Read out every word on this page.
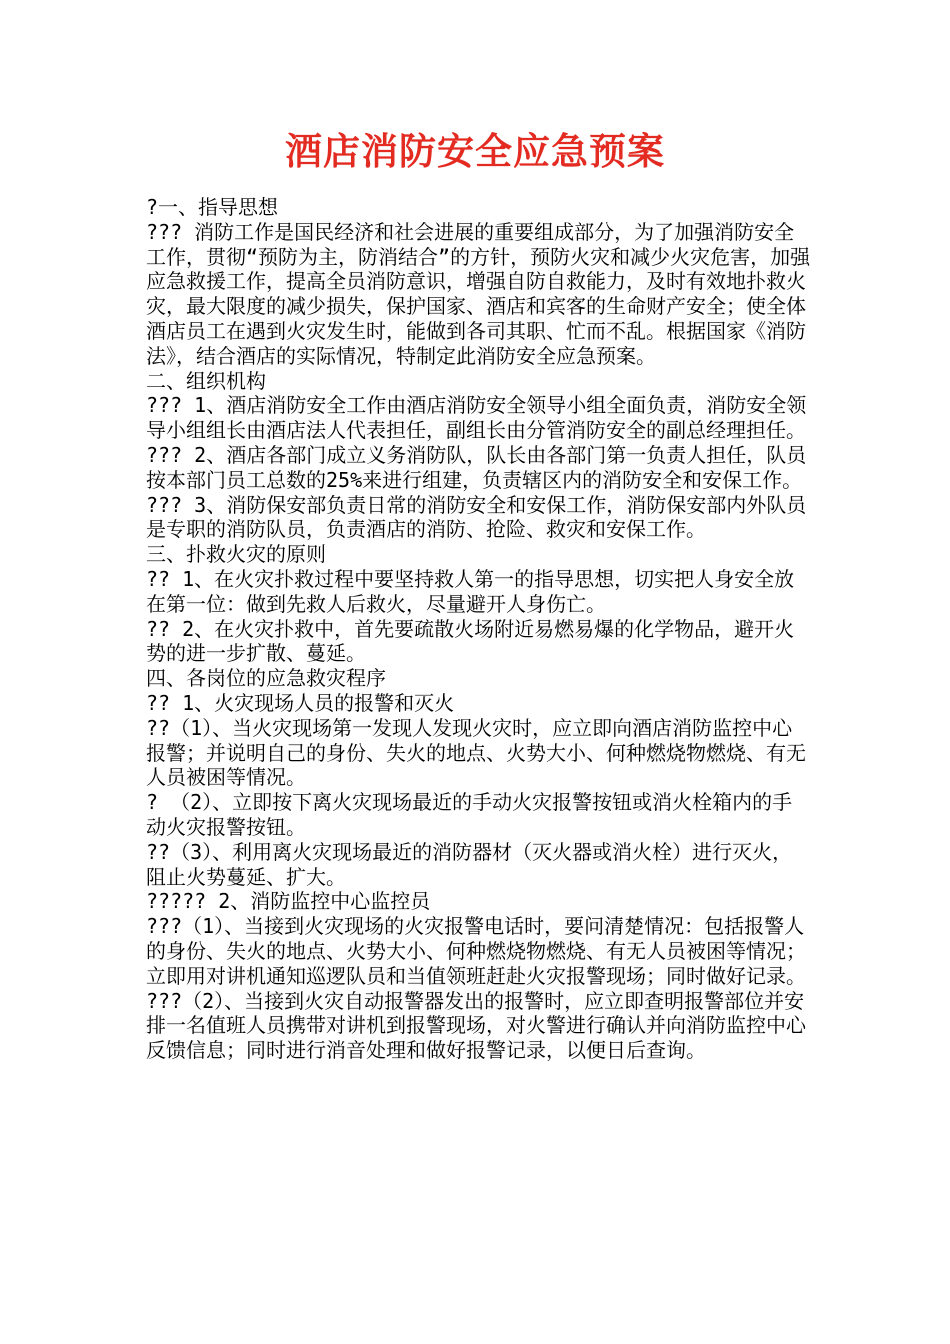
酒店消防安全应急预案

?一、指导思想

??? 消防工作是国民经济和社会进展的重要组成部分，为了加强消防安全工作，贯彻“预防为主，防消结合”的方针，预防火灾和减少火灾危害，加强应急救援工作，提高全员消防意识，增强自防自救能力，及时有效地扑救火灾，最大限度的减少损失，保护国家、酒店和宾客的生命财产安全；使全体酒店员工在遇到火灾发生时，能做到各司其职、忙而不乱。根据国家《消防法》，结合酒店的实际情况，特制定此消防安全应急预案。

二、组织机构

??? 1、酒店消防安全工作由酒店消防安全领导小组全面负责，消防安全领导小组组长由酒店法人代表担任，副组长由分管消防安全的副总经理担任。

??? 2、酒店各部门成立义务消防队，队长由各部门第一负责人担任，队员按本部门员工总数的25%来进行组建，负责辖区内的消防安全和安保工作。

??? 3、消防保安部负责日常的消防安全和安保工作，消防保安部内外队员是专职的消防队员，负责酒店的消防、抢险、救灾和安保工作。

三、扑救火灾的原则

?? 1、在火灾扑救过程中要坚持救人第一的指导思想，切实把人身安全放在第一位：做到先救人后救火，尽量避开人身伤亡。

?? 2、在火灾扑救中，首先要疏散火场附近易燃易爆的化学物品，避开火势的进一步扩散、蔓延。

四、各岗位的应急救灾程序

?? 1、火灾现场人员的报警和灭火

??（1）、当火灾现场第一发现人发现火灾时，应立即向酒店消防监控中心报警；并说明自己的身份、失火的地点、火势大小、何种燃烧物燃烧、有无人员被困等情况。

? （2）、立即按下离火灾现场最近的手动火灾报警按钮或消火栓箱内的手动火灾报警按钮。

??（3）、利用离火灾现场最近的消防器材（灭火器或消火栓）进行灭火，阻止火势蔓延、扩大。

????? 2、消防监控中心监控员

???（1）、当接到火灾现场的火灾报警电话时，要问清楚情况：包括报警人的身份、失火的地点、火势大小、何种燃烧物燃烧、有无人员被困等情况；立即用对讲机通知巡逻队员和当值领班赶赴火灾报警现场；同时做好记录。

???（2）、当接到火灾自动报警器发出的报警时，应立即查明报警部位并安排一名值班人员携带对讲机到报警现场，对火警进行确认并向消防监控中心反馈信息；同时进行消音处理和做好报警记录，以便日后查询。
